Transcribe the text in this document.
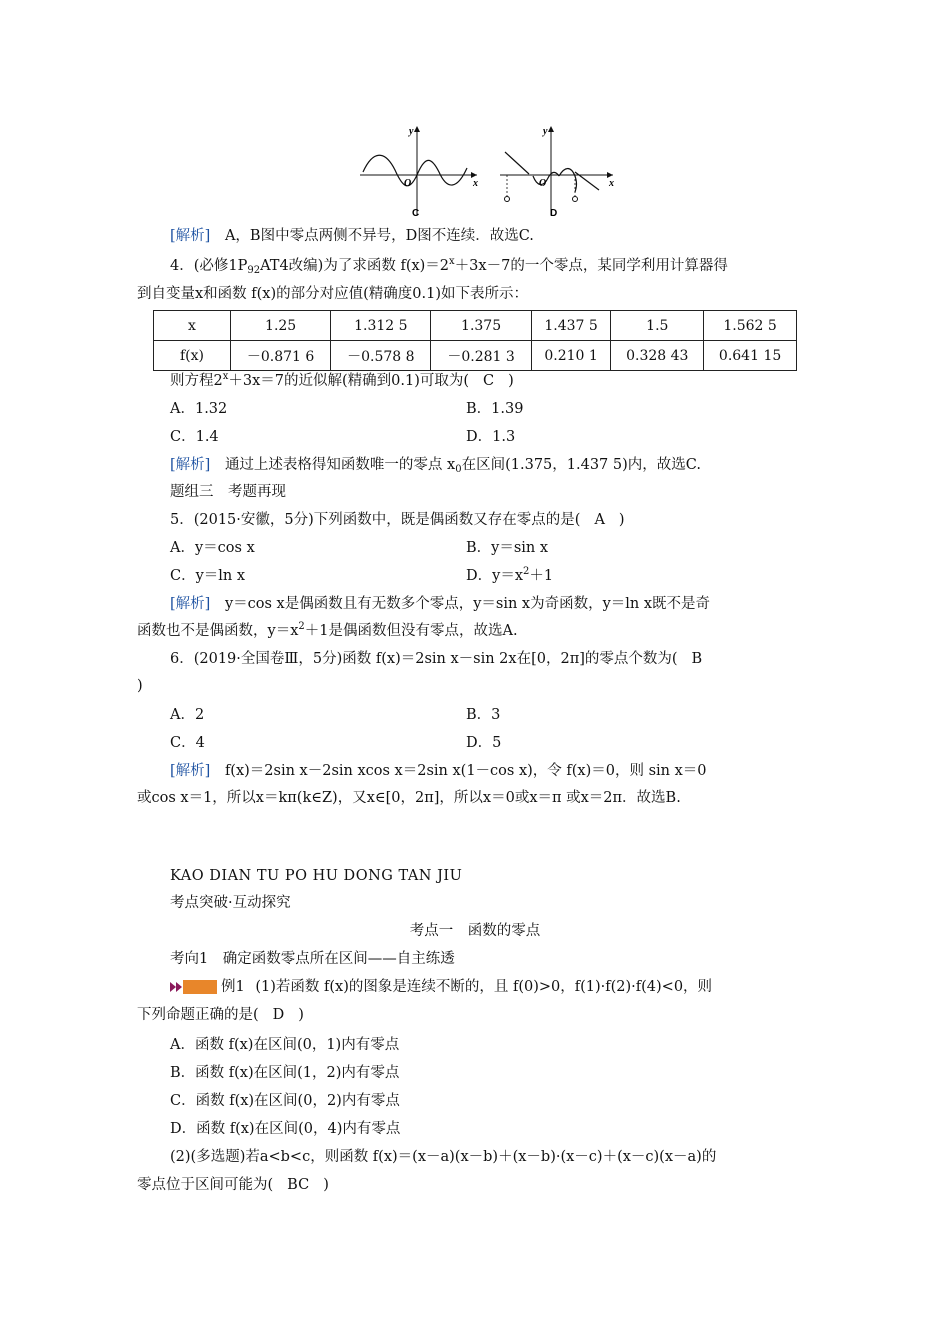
y
x
O
C
y
x
O
D
[解析] A，B图中零点两侧不异号，D图不连续．故选C.
4．(必修$1P_{92}AT4$改编)为了求函数 $f(x)=2^x+3x-7$的一个零点，某同学利用计算器得
到自变量x和函数 f(x)的部分对应值(精确度0.1)如下表所示：
x	1.25	1.312 5	1.375	1.437 5	1.5	1.562 5
f(x)	－0.871 6	－0.578 8	－0.281 3	0.210 1	0.328 43	0.641 15
则方程$2^x+3x=7$的近似解(精确到0.1)可取为( C )
A．1.32	B．1.39
C．1.4	D．1.3
[解析] 通过上述表格得知函数唯一的零点 $x_0$在区间(1.375，1.437 5)内，故选C.
题组三　考题再现
5．(2015·安徽，5分)下列函数中，既是偶函数又存在零点的是( A )
A．y＝cos x	B．y＝sin x
C．y＝ln x	D．$y=x^2+1$
[解析] y＝cos x是偶函数且有无数多个零点，y＝sin x为奇函数，y＝ln x既不是奇
函数也不是偶函数，$y=x^2+1$是偶函数但没有零点，故选A.
6．(2019·全国卷Ⅲ，5分)函数 f(x)＝2sin x－sin 2x在[0，2π]的零点个数为( B
)
A．2	B．3
C．4	D．5
[解析] f(x)＝2sin x－2sin xcos x＝2sin x(1－cos x)，令 f(x)＝0，则 sin x＝0
或cos x＝1，所以x＝kπ(k∈Z)，又x∈[0，2π]，所以x＝0或x＝π 或x＝2π．故选B.
KAO DIAN TU PO HU DONG TAN JIU
考点突破·互动探究
考点一　函数的零点
考向1　确定函数零点所在区间——自主练透
例1 (1)若函数 f(x)的图象是连续不断的，且 f(0)>0，f(1)·f(2)·f(4)<0，则
下列命题正确的是( D )
A．函数 f(x)在区间(0，1)内有零点
B．函数 f(x)在区间(1，2)内有零点
C．函数 f(x)在区间(0，2)内有零点
D．函数 f(x)在区间(0，4)内有零点
(2)(多选题)若a<b<c，则函数 f(x)＝(x－a)(x－b)＋(x－b)·(x－c)＋(x－c)(x－a)的
零点位于区间可能为( BC )
